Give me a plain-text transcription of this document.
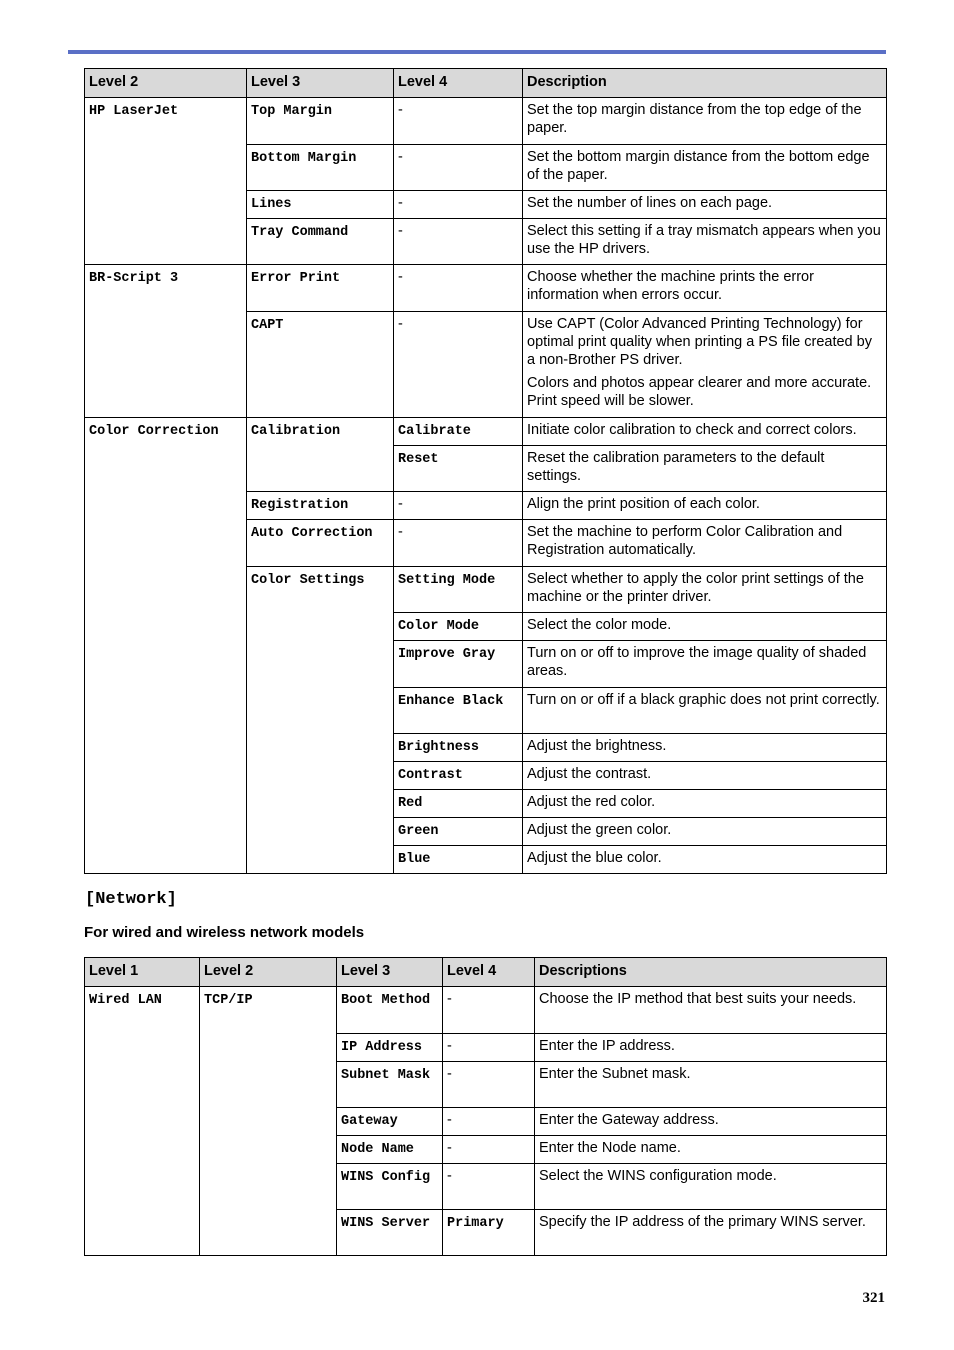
Level 2	Level 3	Level 4	Description
HP LaserJet	Top Margin	-	Set the top margin distance from the top edge of the paper.
	Bottom Margin	-	Set the bottom margin distance from the bottom edge of the paper.
	Lines	-	Set the number of lines on each page.
	Tray Command	-	Select this setting if a tray mismatch appears when you use the HP drivers.
BR-Script 3	Error Print	-	Choose whether the machine prints the error information when errors occur.
	CAPT	-	Use CAPT (Color Advanced Printing Technology) for optimal print quality when printing a PS file created by a non-Brother PS driver.

Colors and photos appear clearer and more accurate. Print speed will be slower.

Color Correction	Calibration	Calibrate	Initiate color calibration to check and correct colors.
		Reset	Reset the calibration parameters to the default settings.
	Registration	-	Align the print position of each color.
	Auto Correction	-	Set the machine to perform Color Calibration and Registration automatically.
	Color Settings	Setting Mode	Select whether to apply the color print settings of the machine or the printer driver.
		Color Mode	Select the color mode.
		Improve Gray	Turn on or off to improve the image quality of shaded areas.
		Enhance Black	Turn on or off if a black graphic does not print correctly.
		Brightness	Adjust the brightness.
		Contrast	Adjust the contrast.
		Red	Adjust the red color.
		Green	Adjust the green color.
		Blue	Adjust the blue color.
[Network]

For wired and wireless network models

Level 1	Level 2	Level 3	Level 4	Descriptions
Wired LAN	TCP/IP	Boot Method	-	Choose the IP method that best suits your needs.
		IP Address	-	Enter the IP address.
		Subnet Mask	-	Enter the Subnet mask.
		Gateway	-	Enter the Gateway address.
		Node Name	-	Enter the Node name.
		WINS Config	-	Select the WINS configuration mode.
		WINS Server	Primary	Specify the IP address of the primary WINS server.
321
